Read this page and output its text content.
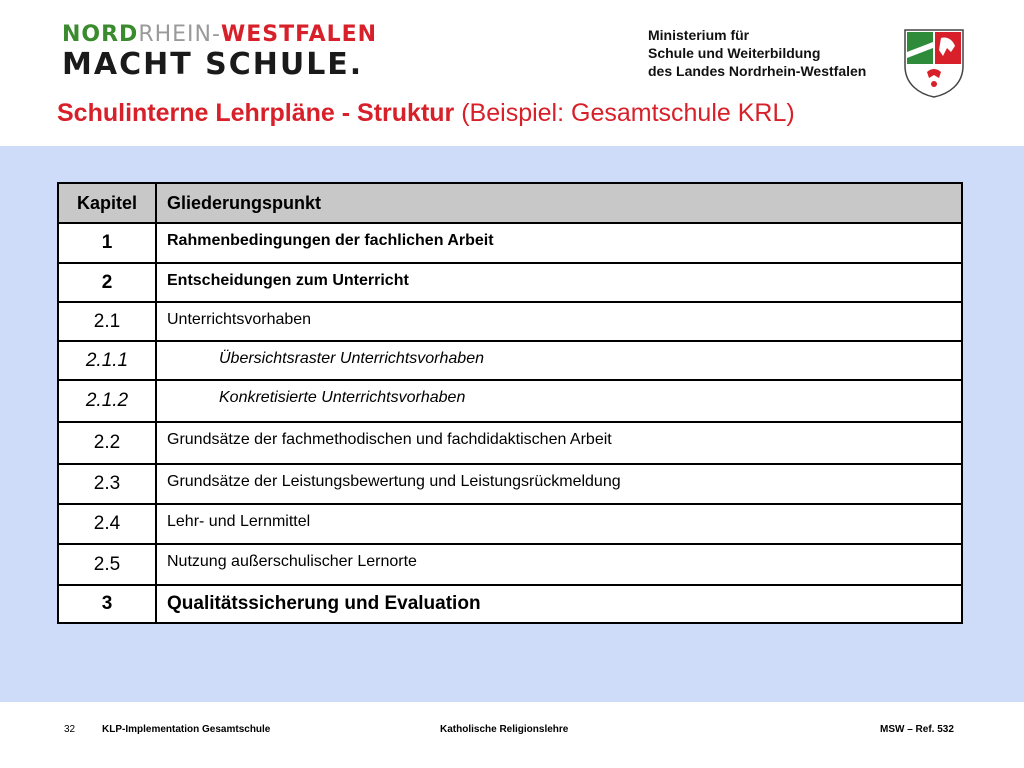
NORDRHEIN-WESTFALEN
MACHT SCHULE.
Ministerium für
Schule und Weiterbildung
des Landes Nordrhein-Westfalen
Schulinterne Lehrpläne - Struktur (Beispiel: Gesamtschule KRL)
Kapitel	Gliederungspunkt
1	Rahmenbedingungen der fachlichen Arbeit
2	Entscheidungen zum Unterricht
2.1	Unterrichtsvorhaben
2.1.1	Übersichtsraster Unterrichtsvorhaben
2.1.2	Konkretisierte Unterrichtsvorhaben
2.2	Grundsätze der fachmethodischen und fachdidaktischen Arbeit
2.3	Grundsätze der Leistungsbewertung und Leistungsrückmeldung
2.4	Lehr- und Lernmittel
2.5	Nutzung außerschulischer Lernorte
3	Qualitätssicherung und Evaluation
32	KLP-Implementation Gesamtschule	Katholische Religionslehre	MSW – Ref. 532
